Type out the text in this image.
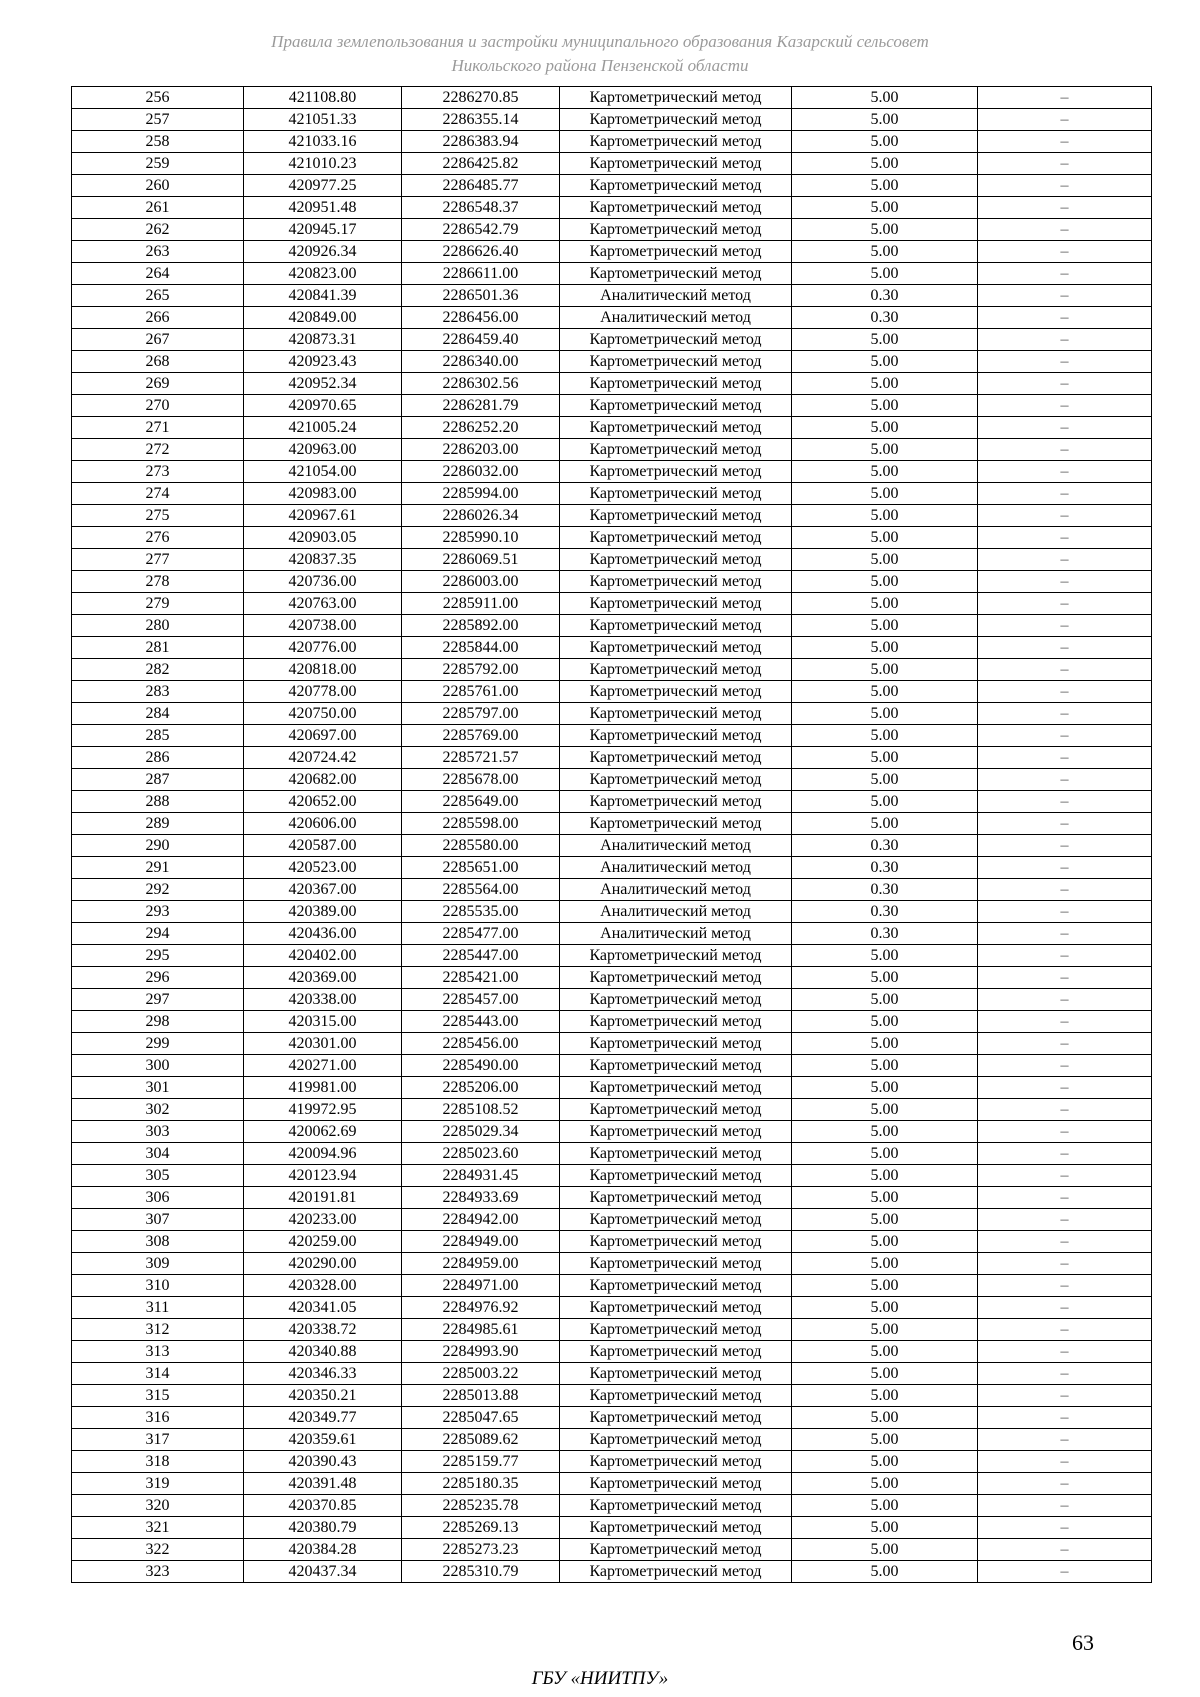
Правила землепользования и застройки муниципального образования Казарский сельсовет
Никольского района Пензенской области
256	421108.80	2286270.85	Картометрический метод	5.00	–
257	421051.33	2286355.14	Картометрический метод	5.00	–
258	421033.16	2286383.94	Картометрический метод	5.00	–
259	421010.23	2286425.82	Картометрический метод	5.00	–
260	420977.25	2286485.77	Картометрический метод	5.00	–
261	420951.48	2286548.37	Картометрический метод	5.00	–
262	420945.17	2286542.79	Картометрический метод	5.00	–
263	420926.34	2286626.40	Картометрический метод	5.00	–
264	420823.00	2286611.00	Картометрический метод	5.00	–
265	420841.39	2286501.36	Аналитический метод	0.30	–
266	420849.00	2286456.00	Аналитический метод	0.30	–
267	420873.31	2286459.40	Картометрический метод	5.00	–
268	420923.43	2286340.00	Картометрический метод	5.00	–
269	420952.34	2286302.56	Картометрический метод	5.00	–
270	420970.65	2286281.79	Картометрический метод	5.00	–
271	421005.24	2286252.20	Картометрический метод	5.00	–
272	420963.00	2286203.00	Картометрический метод	5.00	–
273	421054.00	2286032.00	Картометрический метод	5.00	–
274	420983.00	2285994.00	Картометрический метод	5.00	–
275	420967.61	2286026.34	Картометрический метод	5.00	–
276	420903.05	2285990.10	Картометрический метод	5.00	–
277	420837.35	2286069.51	Картометрический метод	5.00	–
278	420736.00	2286003.00	Картометрический метод	5.00	–
279	420763.00	2285911.00	Картометрический метод	5.00	–
280	420738.00	2285892.00	Картометрический метод	5.00	–
281	420776.00	2285844.00	Картометрический метод	5.00	–
282	420818.00	2285792.00	Картометрический метод	5.00	–
283	420778.00	2285761.00	Картометрический метод	5.00	–
284	420750.00	2285797.00	Картометрический метод	5.00	–
285	420697.00	2285769.00	Картометрический метод	5.00	–
286	420724.42	2285721.57	Картометрический метод	5.00	–
287	420682.00	2285678.00	Картометрический метод	5.00	–
288	420652.00	2285649.00	Картометрический метод	5.00	–
289	420606.00	2285598.00	Картометрический метод	5.00	–
290	420587.00	2285580.00	Аналитический метод	0.30	–
291	420523.00	2285651.00	Аналитический метод	0.30	–
292	420367.00	2285564.00	Аналитический метод	0.30	–
293	420389.00	2285535.00	Аналитический метод	0.30	–
294	420436.00	2285477.00	Аналитический метод	0.30	–
295	420402.00	2285447.00	Картометрический метод	5.00	–
296	420369.00	2285421.00	Картометрический метод	5.00	–
297	420338.00	2285457.00	Картометрический метод	5.00	–
298	420315.00	2285443.00	Картометрический метод	5.00	–
299	420301.00	2285456.00	Картометрический метод	5.00	–
300	420271.00	2285490.00	Картометрический метод	5.00	–
301	419981.00	2285206.00	Картометрический метод	5.00	–
302	419972.95	2285108.52	Картометрический метод	5.00	–
303	420062.69	2285029.34	Картометрический метод	5.00	–
304	420094.96	2285023.60	Картометрический метод	5.00	–
305	420123.94	2284931.45	Картометрический метод	5.00	–
306	420191.81	2284933.69	Картометрический метод	5.00	–
307	420233.00	2284942.00	Картометрический метод	5.00	–
308	420259.00	2284949.00	Картометрический метод	5.00	–
309	420290.00	2284959.00	Картометрический метод	5.00	–
310	420328.00	2284971.00	Картометрический метод	5.00	–
311	420341.05	2284976.92	Картометрический метод	5.00	–
312	420338.72	2284985.61	Картометрический метод	5.00	–
313	420340.88	2284993.90	Картометрический метод	5.00	–
314	420346.33	2285003.22	Картометрический метод	5.00	–
315	420350.21	2285013.88	Картометрический метод	5.00	–
316	420349.77	2285047.65	Картометрический метод	5.00	–
317	420359.61	2285089.62	Картометрический метод	5.00	–
318	420390.43	2285159.77	Картометрический метод	5.00	–
319	420391.48	2285180.35	Картометрический метод	5.00	–
320	420370.85	2285235.78	Картометрический метод	5.00	–
321	420380.79	2285269.13	Картометрический метод	5.00	–
322	420384.28	2285273.23	Картометрический метод	5.00	–
323	420437.34	2285310.79	Картометрический метод	5.00	–
63
ГБУ «НИИТПУ»
